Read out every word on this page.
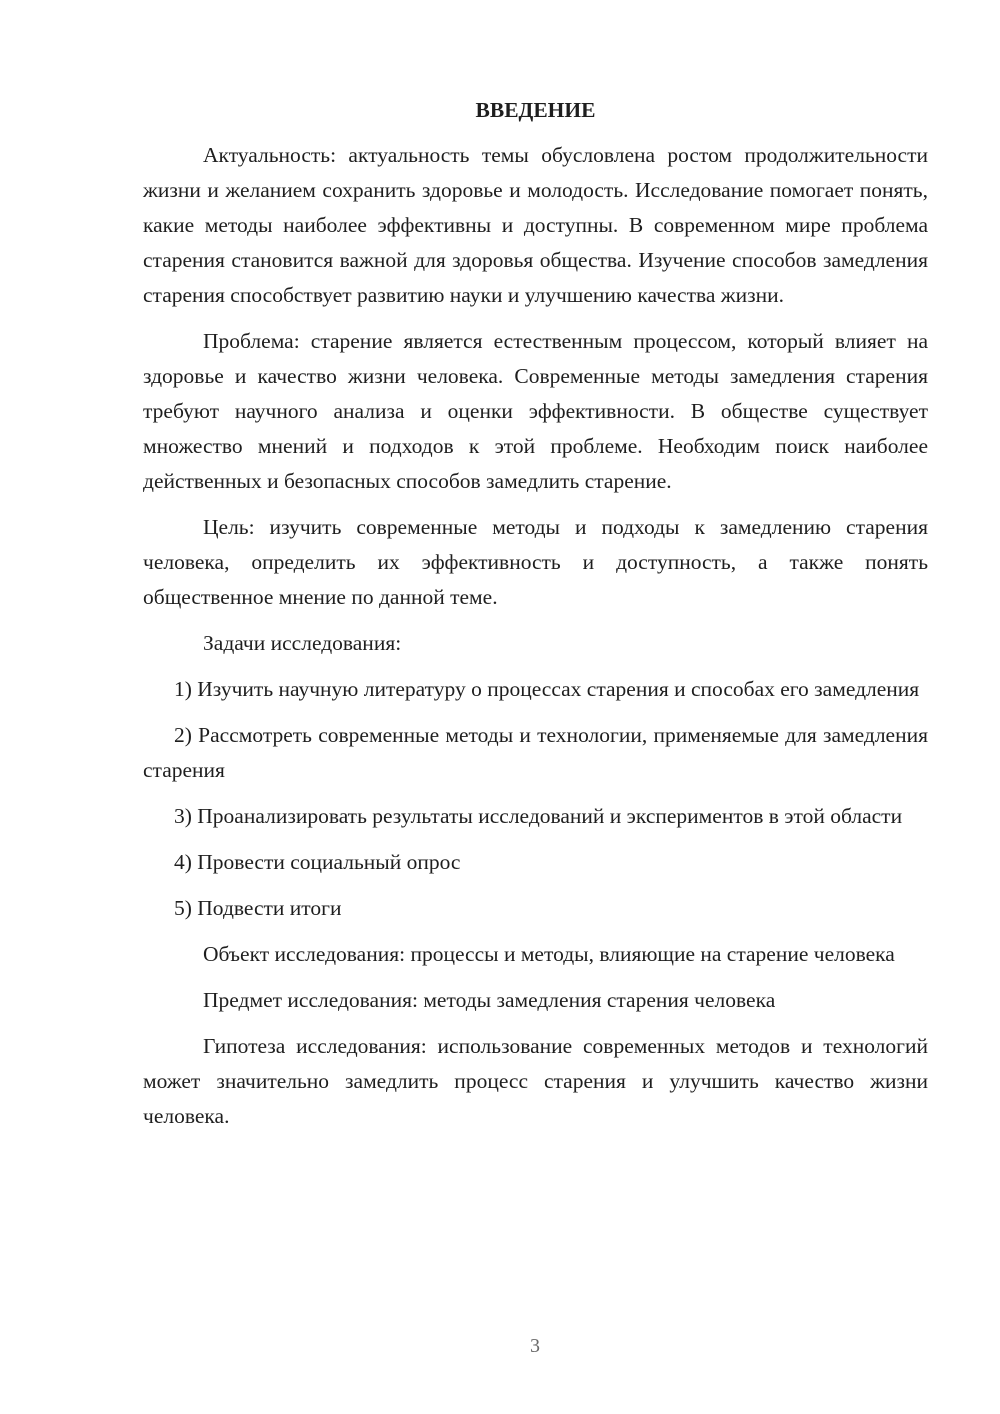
ВВЕДЕНИЕ

Актуальность: актуальность темы обусловлена ростом продолжительности жизни и желанием сохранить здоровье и молодость. Исследование помогает понять, какие методы наиболее эффективны и доступны. В современном мире проблема старения становится важной для здоровья общества. Изучение способов замедления старения способствует развитию науки и улучшению качества жизни.

Проблема: старение является естественным процессом, который влияет на здоровье и качество жизни человека. Современные методы замедления старения требуют научного анализа и оценки эффективности. В обществе существует множество мнений и подходов к этой проблеме. Необходим поиск наиболее действенных и безопасных способов замедлить старение.

Цель: изучить современные методы и подходы к замедлению старения человека, определить их эффективность и доступность, а также понять общественное мнение по данной теме.

Задачи исследования:

1) Изучить научную литературу о процессах старения и способах его замедления

2) Рассмотреть современные методы и технологии, применяемые для замедления старения

3) Проанализировать результаты исследований и экспериментов в этой области

4) Провести социальный опрос

5) Подвести итоги

Объект исследования: процессы и методы, влияющие на старение человека

Предмет исследования: методы замедления старения человека

Гипотеза исследования: использование современных методов и технологий может значительно замедлить процесс старения и улучшить качество жизни человека.

3
